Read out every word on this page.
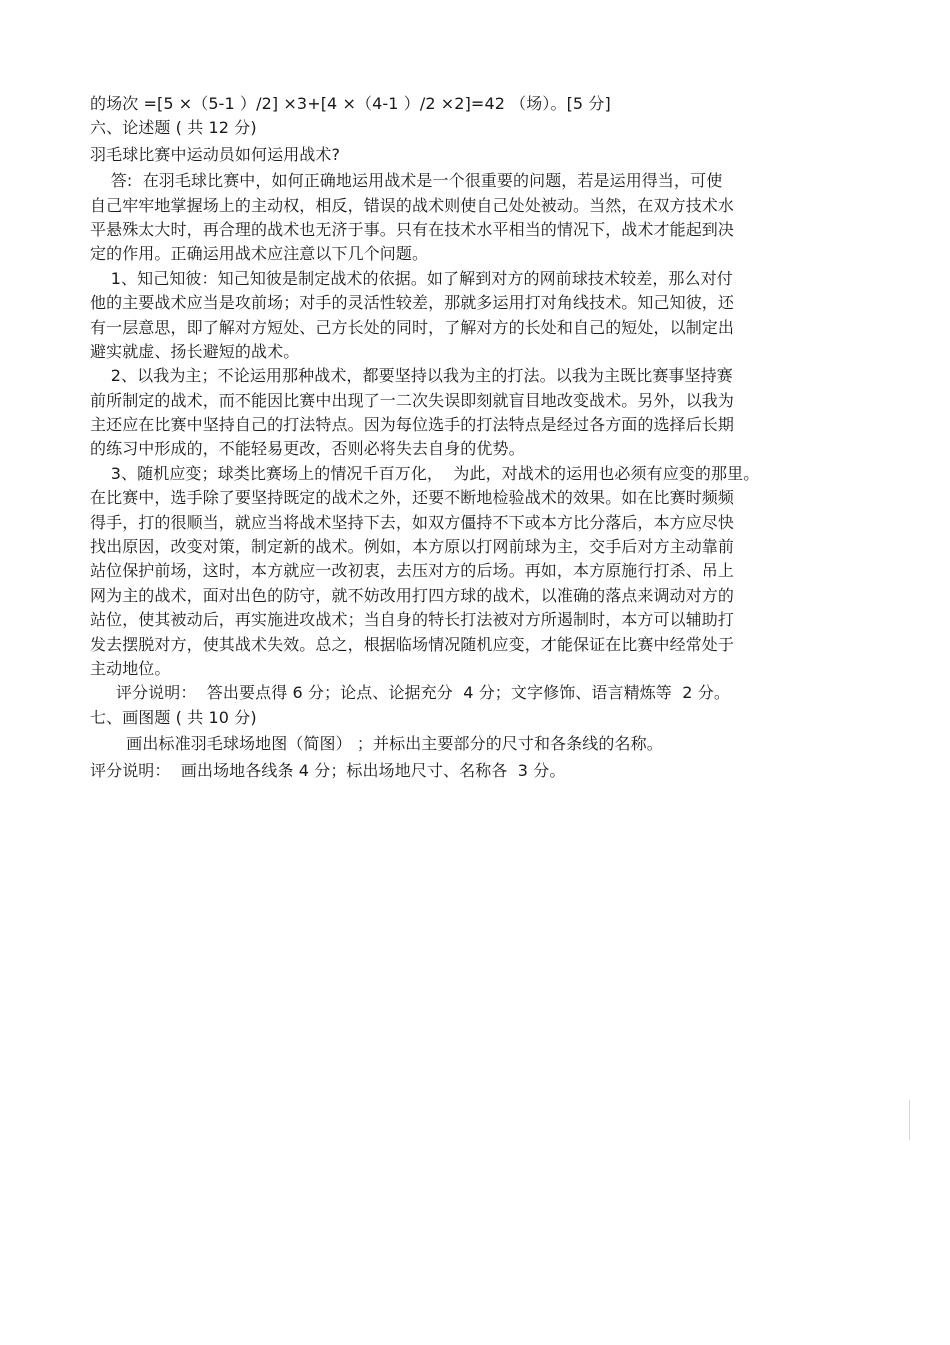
的场次 =[5 ×（5-1 ）/2] ×3+[4 ×（4-1 ）/2 ×2]=42 （场）。[5 分]

六、论述题 ( 共 12 分)

羽毛球比赛中运动员如何运用战术?

答:  在羽毛球比赛中，如何正确地运用战术是一个很重要的问题，若是运用得当，可使

自己牢牢地掌握场上的主动权，相反，错误的战术则使自己处处被动。当然，在双方技术水

平悬殊太大时，再合理的战术也无济于事。只有在技术水平相当的情况下，战术才能起到决

定的作用。正确运用战术应注意以下几个问题。

1、知己知彼：知己知彼是制定战术的依据。如了解到对方的网前球技术较差，那么对付

他的主要战术应当是攻前场；对手的灵活性较差，那就多运用打对角线技术。知己知彼，还

有一层意思，即了解对方短处、己方长处的同时，了解对方的长处和自己的短处，以制定出

避实就虚、扬长避短的战术。

2、以我为主；不论运用那种战术，都要坚持以我为主的打法。以我为主既比赛事坚持赛

前所制定的战术，而不能因比赛中出现了一二次失误即刻就盲目地改变战术。另外，以我为

主还应在比赛中坚持自己的打法特点。因为每位选手的打法特点是经过各方面的选择后长期

的练习中形成的，不能轻易更改，否则必将失去自身的优势。

3、随机应变；球类比赛场上的情况千百万化，  为此，对战术的运用也必须有应变的那里。

在比赛中，选手除了要坚持既定的战术之外，还要不断地检验战术的效果。如在比赛时频频

得手，打的很顺当，就应当将战术坚持下去，如双方僵持不下或本方比分落后，本方应尽快

找出原因，改变对策，制定新的战术。例如，本方原以打网前球为主，交手后对方主动靠前

站位保护前场，这时，本方就应一改初衷，去压对方的后场。再如，本方原施行打杀、吊上

网为主的战术，面对出色的防守，就不妨改用打四方球的战术，以准确的落点来调动对方的

站位，使其被动后，再实施进攻战术；当自身的特长打法被对方所遏制时，本方可以辅助打

发去摆脱对方，使其战术失效。总之，根据临场情况随机应变，才能保证在比赛中经常处于

主动地位。

评分说明：  答出要点得 6 分；论点、论据充分  4 分；文字修饰、语言精炼等  2 分。

七、画图题 ( 共 10 分)

画出标准羽毛球场地图（简图） ；并标出主要部分的尺寸和各条线的名称。

评分说明：  画出场地各线条 4 分；标出场地尺寸、名称各  3 分。
